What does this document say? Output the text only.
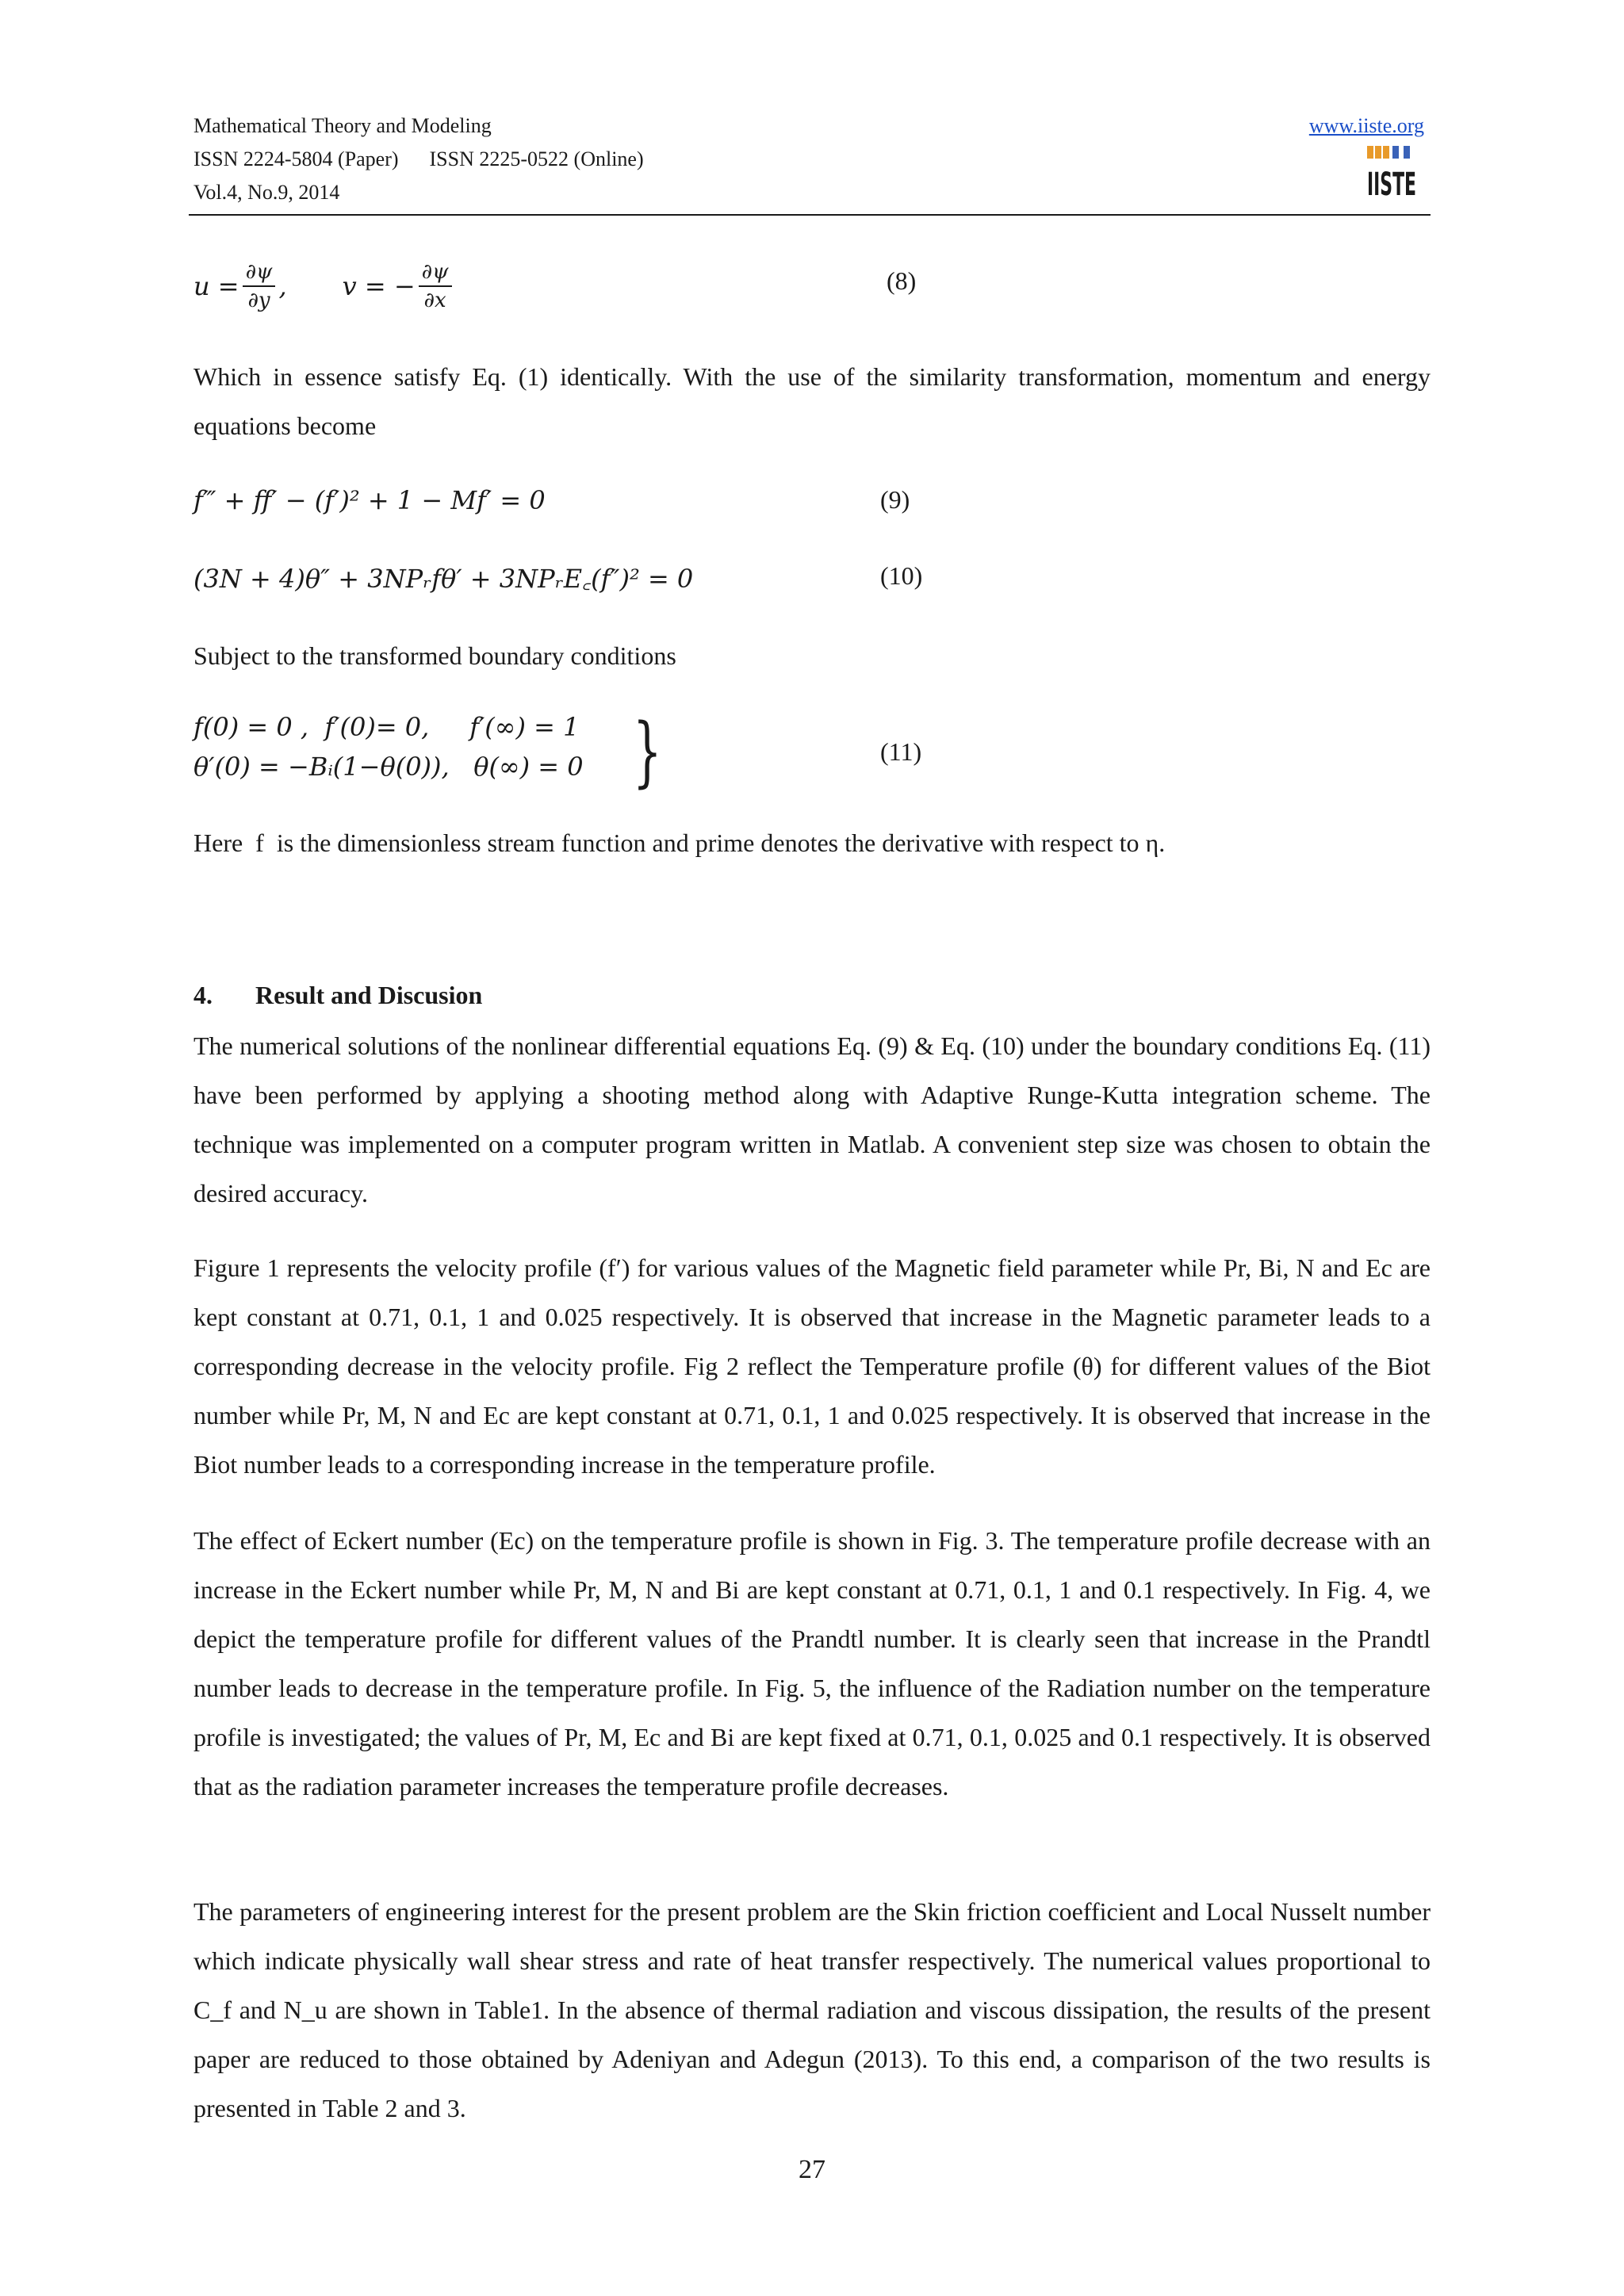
Mathematical Theory and Modeling
ISSN 2224-5804 (Paper)      ISSN 2225-0522 (Online)
Vol.4, No.9, 2014
www.iiste.org
IISTE
$u = \frac{\partial\psi}{\partial y}$ , v = − $\frac{\partial\psi}{\partial x}$	(8)
Which in essence satisfy Eq. (1) identically. With the use of the similarity transformation, momentum and energy equations become
f‴ + ff′ − (f′)² + 1 − Mf′ = 0	(9)
(3N + 4)θ″ + 3NPᵣfθ′ + 3NPᵣE꜀(f″)² = 0	(10)
Subject to the transformed boundary conditions
f(0) = 0 ,  f′(0)= 0,     f′(∞) = 1
θ′(0) = −Bᵢ(1−θ(0)),   θ(∞) = 0 }	(11)
Here  f  is the dimensionless stream function and prime denotes the derivative with respect to η.
4. Result and Discusion
The numerical solutions of the nonlinear differential equations Eq. (9) & Eq. (10) under the boundary conditions Eq. (11) have been performed by applying a shooting method along with Adaptive Runge-Kutta integration scheme. The technique was implemented on a computer program written in Matlab. A convenient step size was chosen to obtain the desired accuracy.
Figure 1 represents the velocity profile (f′) for various values of the Magnetic field parameter while Pr, Bi, N and Ec are kept constant at 0.71, 0.1, 1 and 0.025 respectively. It is observed that increase in the Magnetic parameter leads to a corresponding decrease in the velocity profile. Fig 2 reflect the Temperature profile (θ) for different values of the Biot number while Pr, M, N and Ec are kept constant at 0.71, 0.1, 1 and 0.025 respectively. It is observed that increase in the Biot number leads to a corresponding increase in the temperature profile.
The effect of Eckert number (Ec) on the temperature profile is shown in Fig. 3. The temperature profile decrease with an increase in the Eckert number while Pr, M, N and Bi are kept constant at 0.71, 0.1, 1 and 0.1 respectively. In Fig. 4, we depict the temperature profile for different values of the Prandtl number. It is clearly seen that increase in the Prandtl number leads to decrease in the temperature profile. In Fig. 5, the influence of the Radiation number on the temperature profile is investigated; the values of Pr, M, Ec and Bi are kept fixed at 0.71, 0.1, 0.025 and 0.1 respectively. It is observed that as the radiation parameter increases the temperature profile decreases.
The parameters of engineering interest for the present problem are the Skin friction coefficient and Local Nusselt number which indicate physically wall shear stress and rate of heat transfer respectively. The numerical values proportional to C_f and N_u are shown in Table1. In the absence of thermal radiation and viscous dissipation, the results of the present paper are reduced to those obtained by Adeniyan and Adegun (2013). To this end, a comparison of the two results is presented in Table 2 and 3.
27
